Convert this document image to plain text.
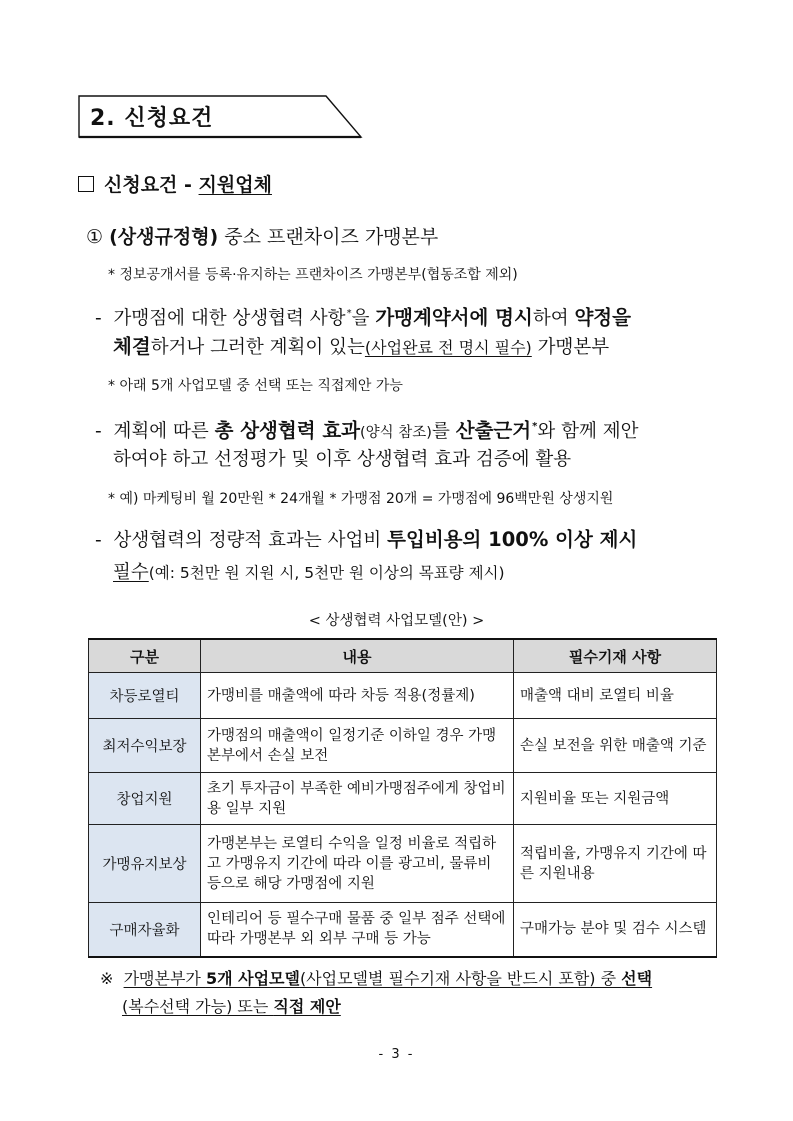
2. 신청요건
신청요건 - 지원업체
① (상생규정형) 중소 프랜차이즈 가맹본부
* 정보공개서를 등록·유지하는 프랜차이즈 가맹본부(협동조합 제외)
- 가맹점에 대한 상생협력 사항*을 가맹계약서에 명시하여 약정을
체결하거나 그러한 계획이 있는(사업완료 전 명시 필수) 가맹본부
* 아래 5개 사업모델 중 선택 또는 직접제안 가능
- 계획에 따른 총 상생협력 효과(양식 참조)를 산출근거*와 함께 제안
하여야 하고 선정평가 및 이후 상생협력 효과 검증에 활용
* 예) 마케팅비 월 20만원 * 24개월 * 가맹점 20개 = 가맹점에 96백만원 상생지원
- 상생협력의 정량적 효과는 사업비 투입비용의 100% 이상 제시
필수(예: 5천만 원 지원 시, 5천만 원 이상의 목표량 제시)
< 상생협력 사업모델(안) >
구분	내용	필수기재 사항
차등로열티	가맹비를 매출액에 따라 차등 적용(정률제)	매출액 대비 로열티 비율
최저수익보장	가맹점의 매출액이 일정기준 이하일 경우 가맹본부에서 손실 보전	손실 보전을 위한 매출액 기준
창업지원	초기 투자금이 부족한 예비가맹점주에게 창업비용 일부 지원	지원비율 또는 지원금액
가맹유지보상	가맹본부는 로열티 수익을 일정 비율로 적립하고 가맹유지 기간에 따라 이를 광고비, 물류비 등으로 해당 가맹점에 지원	적립비율, 가맹유지 기간에 따른 지원내용
구매자율화	인테리어 등 필수구매 물품 중 일부 점주 선택에 따라 가맹본부 외 외부 구매 등 가능	구매가능 분야 및 검수 시스템
※ 가맹본부가 5개 사업모델(사업모델별 필수기재 사항을 반드시 포함) 중 선택
(복수선택 가능) 또는 직접 제안
- 3 -
